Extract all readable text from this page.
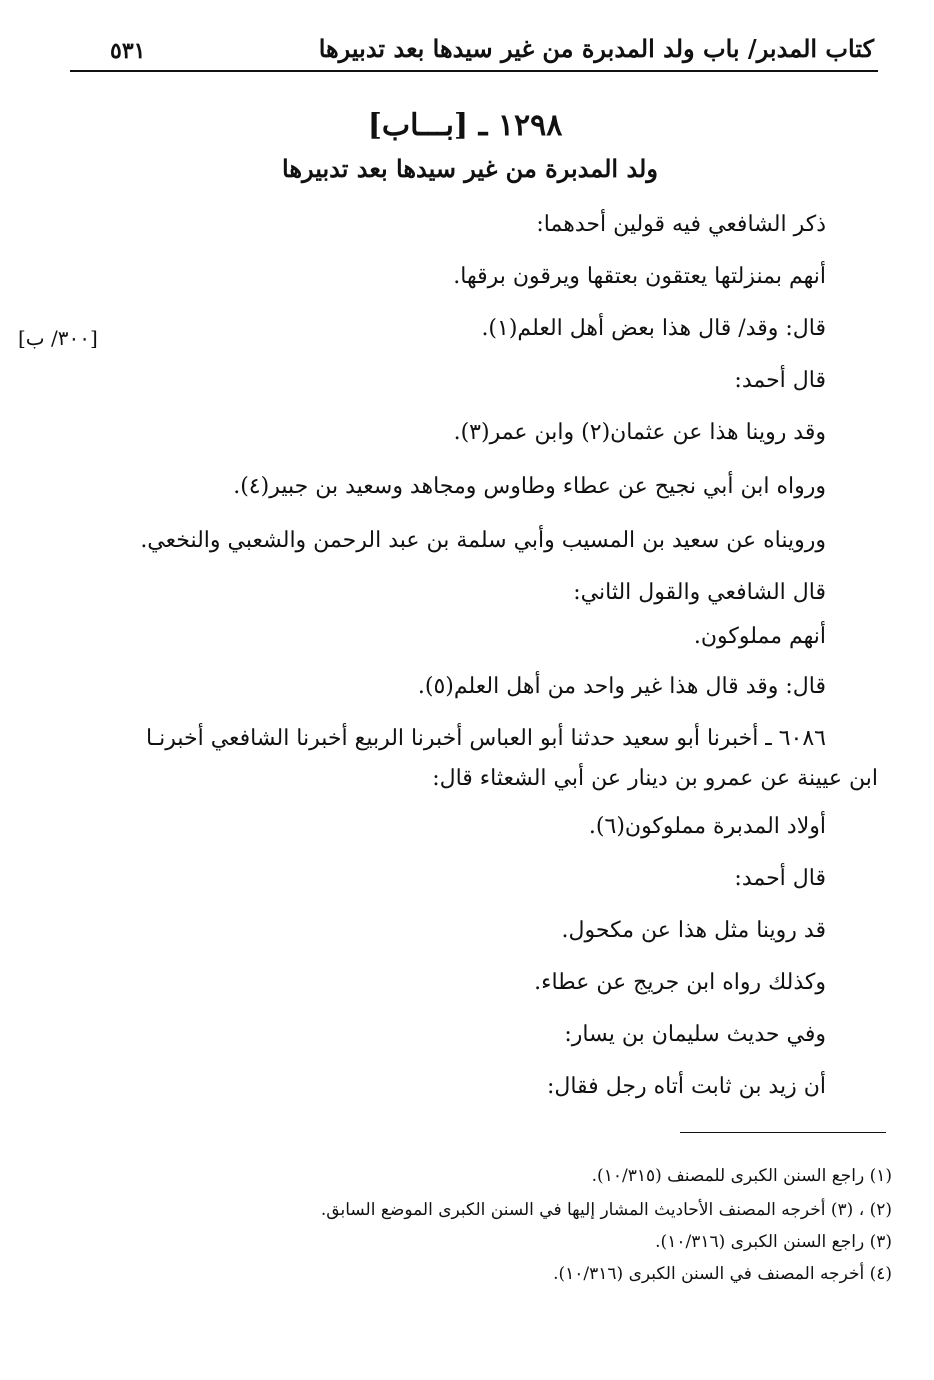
كتاب المدبر/ باب ولد المدبرة من غير سيدها بعد تدبيرها
٥٣١
١٢٩٨ ـ [بـــاب]
ولد المدبرة من غير سيدها بعد تدبيرها
[٣٠٠/ ب]
ذكر الشافعي فيه قولين أحدهما:
أنهم بمنزلتها يعتقون بعتقها ويرقون برقها.
قال: وقد/ قال هذا بعض أهل العلم(١).
قال أحمد:
وقد روينا هذا عن عثمان(٢) وابن عمر(٣).
ورواه ابن أبي نجيح عن عطاء وطاوس ومجاهد وسعيد بن جبير(٤).
ورويناه عن سعيد بن المسيب وأبي سلمة بن عبد الرحمن والشعبي والنخعي.
قال الشافعي والقول الثاني:
أنهم مملوكون.
قال: وقد قال هذا غير واحد من أهل العلم(٥).
٦٠٨٦ ـ أخبرنا أبو سعيد حدثنا أبو العباس أخبرنا الربيع أخبرنا الشافعي أخبرنـا
ابن عيينة عن عمرو بن دينار عن أبي الشعثاء قال:
أولاد المدبرة مملوكون(٦).
قال أحمد:
قد روينا مثل هذا عن مكحول.
وكذلك رواه ابن جريج عن عطاء.
وفي حديث سليمان بن يسار:
أن زيد بن ثابت أتاه رجل فقال:
(١) راجع السنن الكبرى للمصنف (١٠/٣١٥).
(٢) ، (٣) أخرجه المصنف الأحاديث المشار إليها في السنن الكبرى الموضع السابق.
(٣) راجع السنن الكبرى (١٠/٣١٦).
(٤) أخرجه المصنف في السنن الكبرى (١٠/٣١٦).
